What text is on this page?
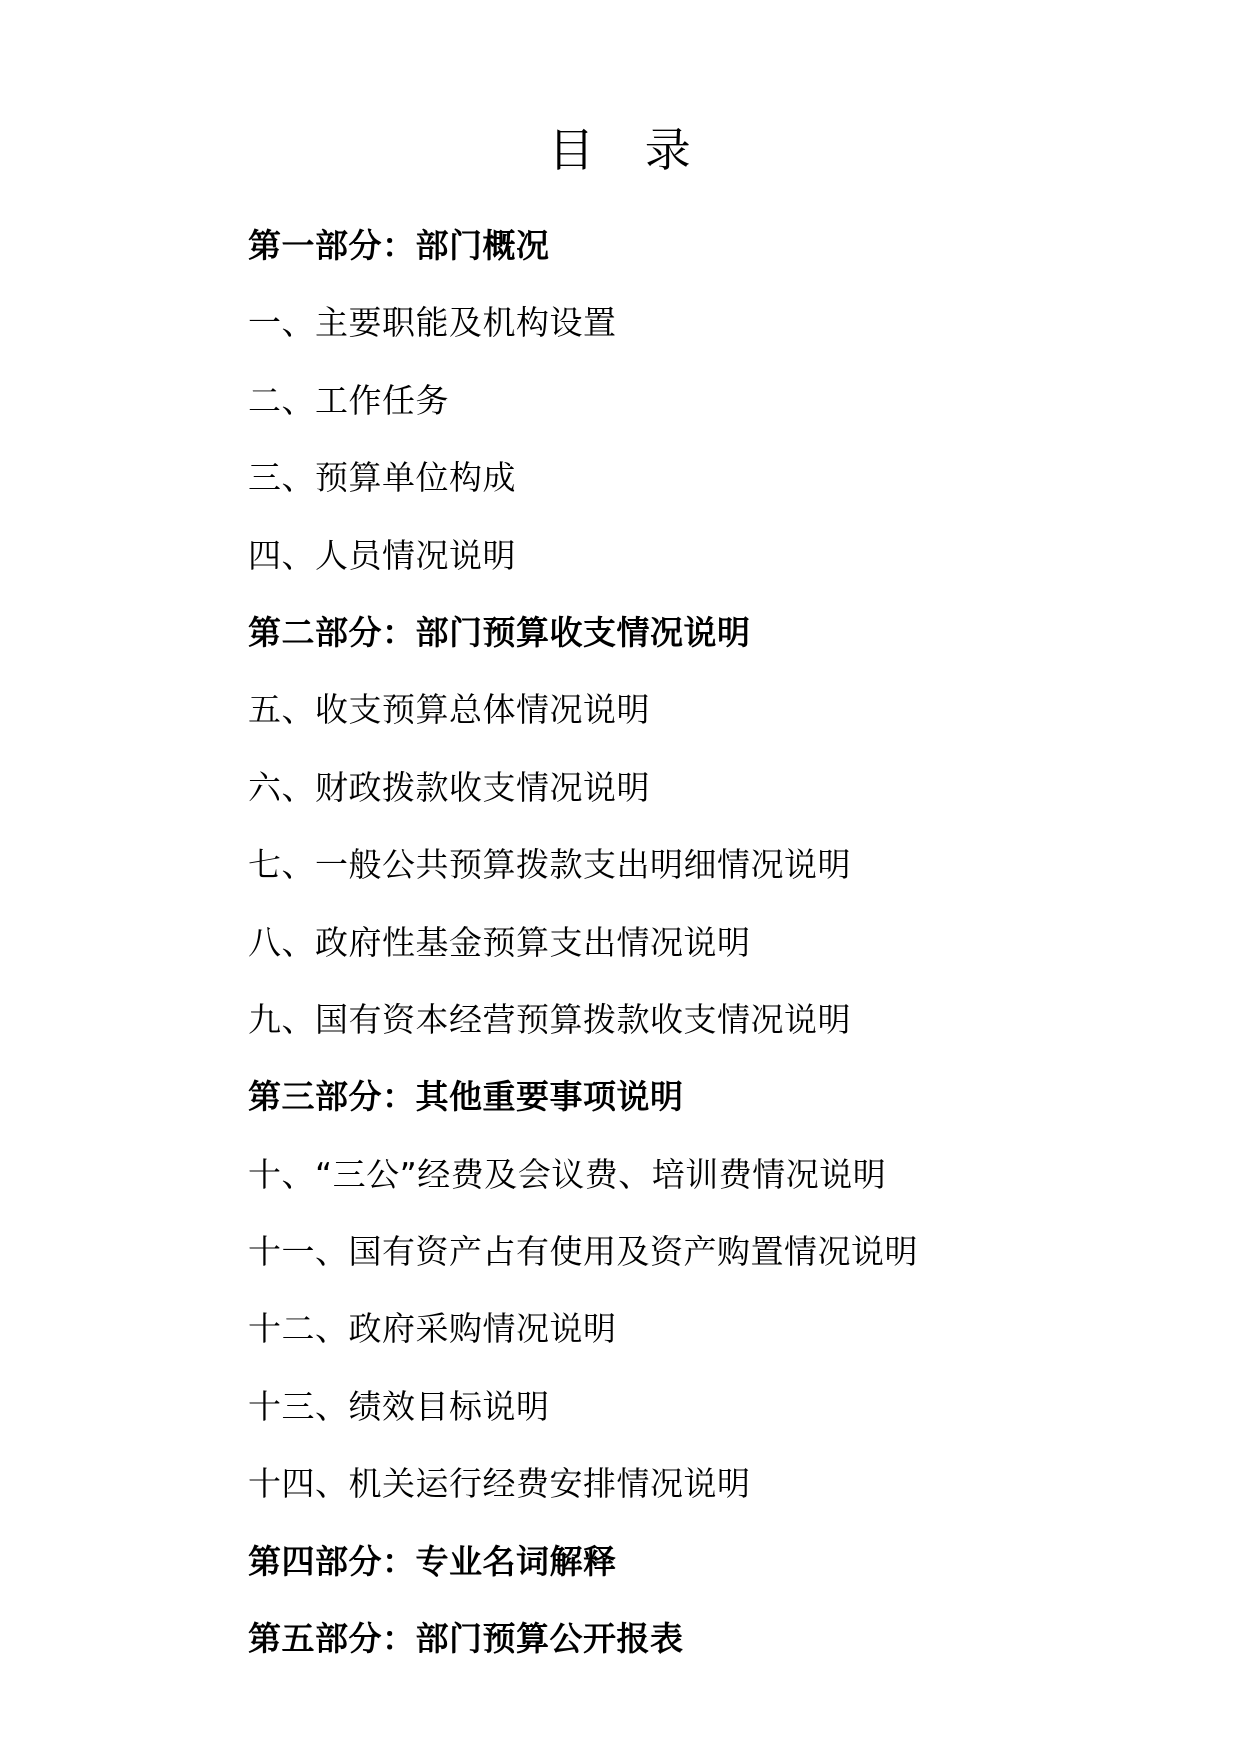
目 录
第一部分：部门概况
一、主要职能及机构设置
二、工作任务
三、预算单位构成
四、人员情况说明
第二部分：部门预算收支情况说明
五、收支预算总体情况说明
六、财政拨款收支情况说明
七、一般公共预算拨款支出明细情况说明
八、政府性基金预算支出情况说明
九、国有资本经营预算拨款收支情况说明
第三部分：其他重要事项说明
十、“三公”经费及会议费、培训费情况说明
十一、国有资产占有使用及资产购置情况说明
十二、政府采购情况说明
十三、绩效目标说明
十四、机关运行经费安排情况说明
第四部分：专业名词解释
第五部分：部门预算公开报表
